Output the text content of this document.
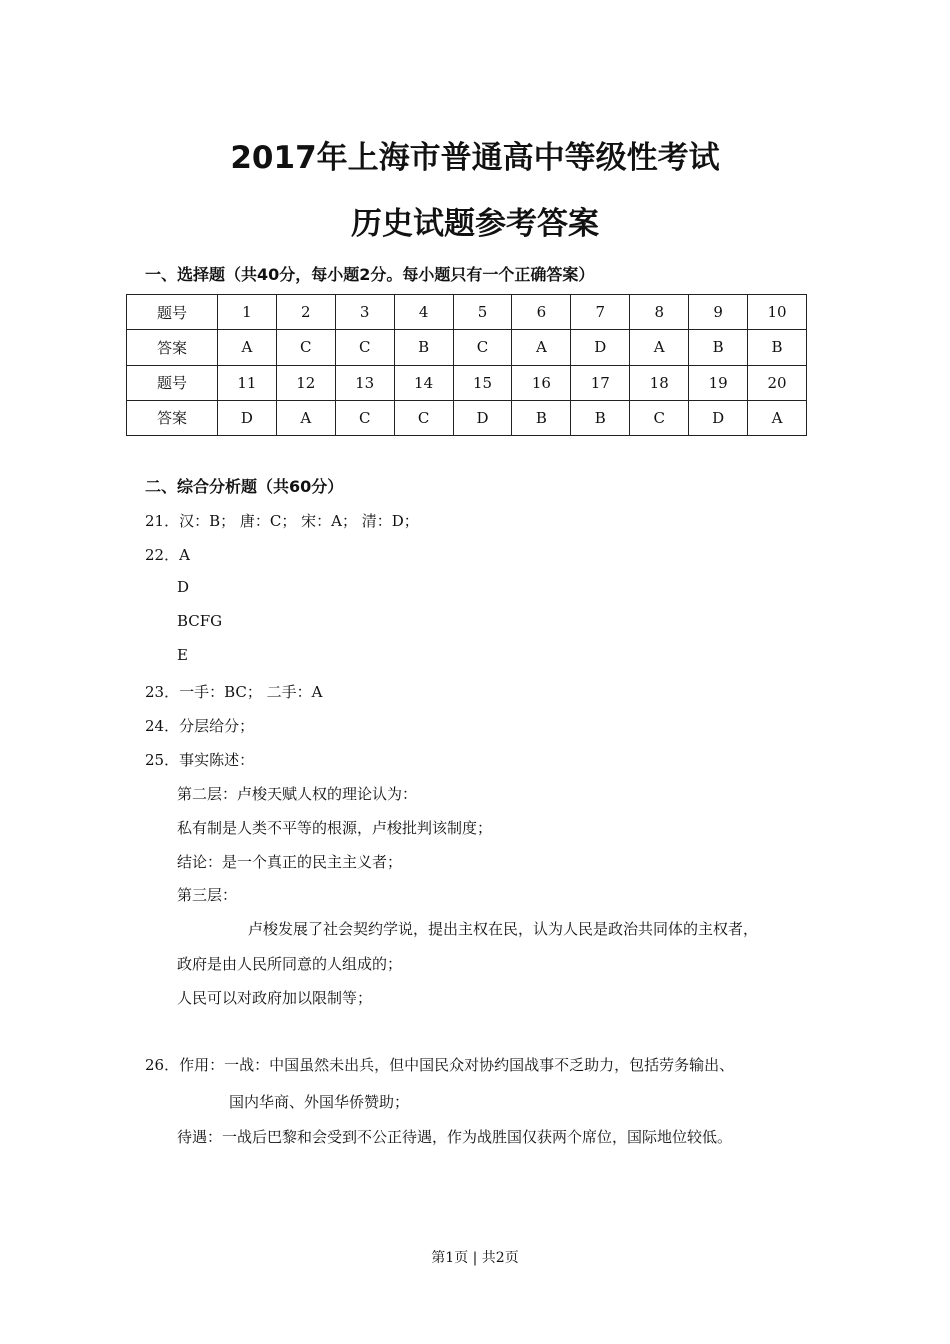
2017年上海市普通高中等级性考试
历史试题参考答案
一、选择题（共40分，每小题2分。每小题只有一个正确答案）
题号	1	2	3	4	5	6	7	8	9	10
答案	A	C	C	B	C	A	D	A	B	B
题号	11	12	13	14	15	16	17	18	19	20
答案	D	A	C	C	D	B	B	C	D	A
二、综合分析题（共60分）
21．汉：B； 唐：C； 宋：A； 清：D；
22．A
D
BCFG
E
23．一手：BC； 二手：A
24．分层给分；
25．事实陈述：
第二层：卢梭天赋人权的理论认为：
私有制是人类不平等的根源，卢梭批判该制度；
结论：是一个真正的民主主义者；
第三层：
卢梭发展了社会契约学说，提出主权在民，认为人民是政治共同体的主权者，
政府是由人民所同意的人组成的；
人民可以对政府加以限制等；
26．作用：一战：中国虽然未出兵，但中国民众对协约国战事不乏助力，包括劳务输出、
国内华商、外国华侨赞助；
待遇：一战后巴黎和会受到不公正待遇，作为战胜国仅获两个席位，国际地位较低。
第1页 | 共2页
